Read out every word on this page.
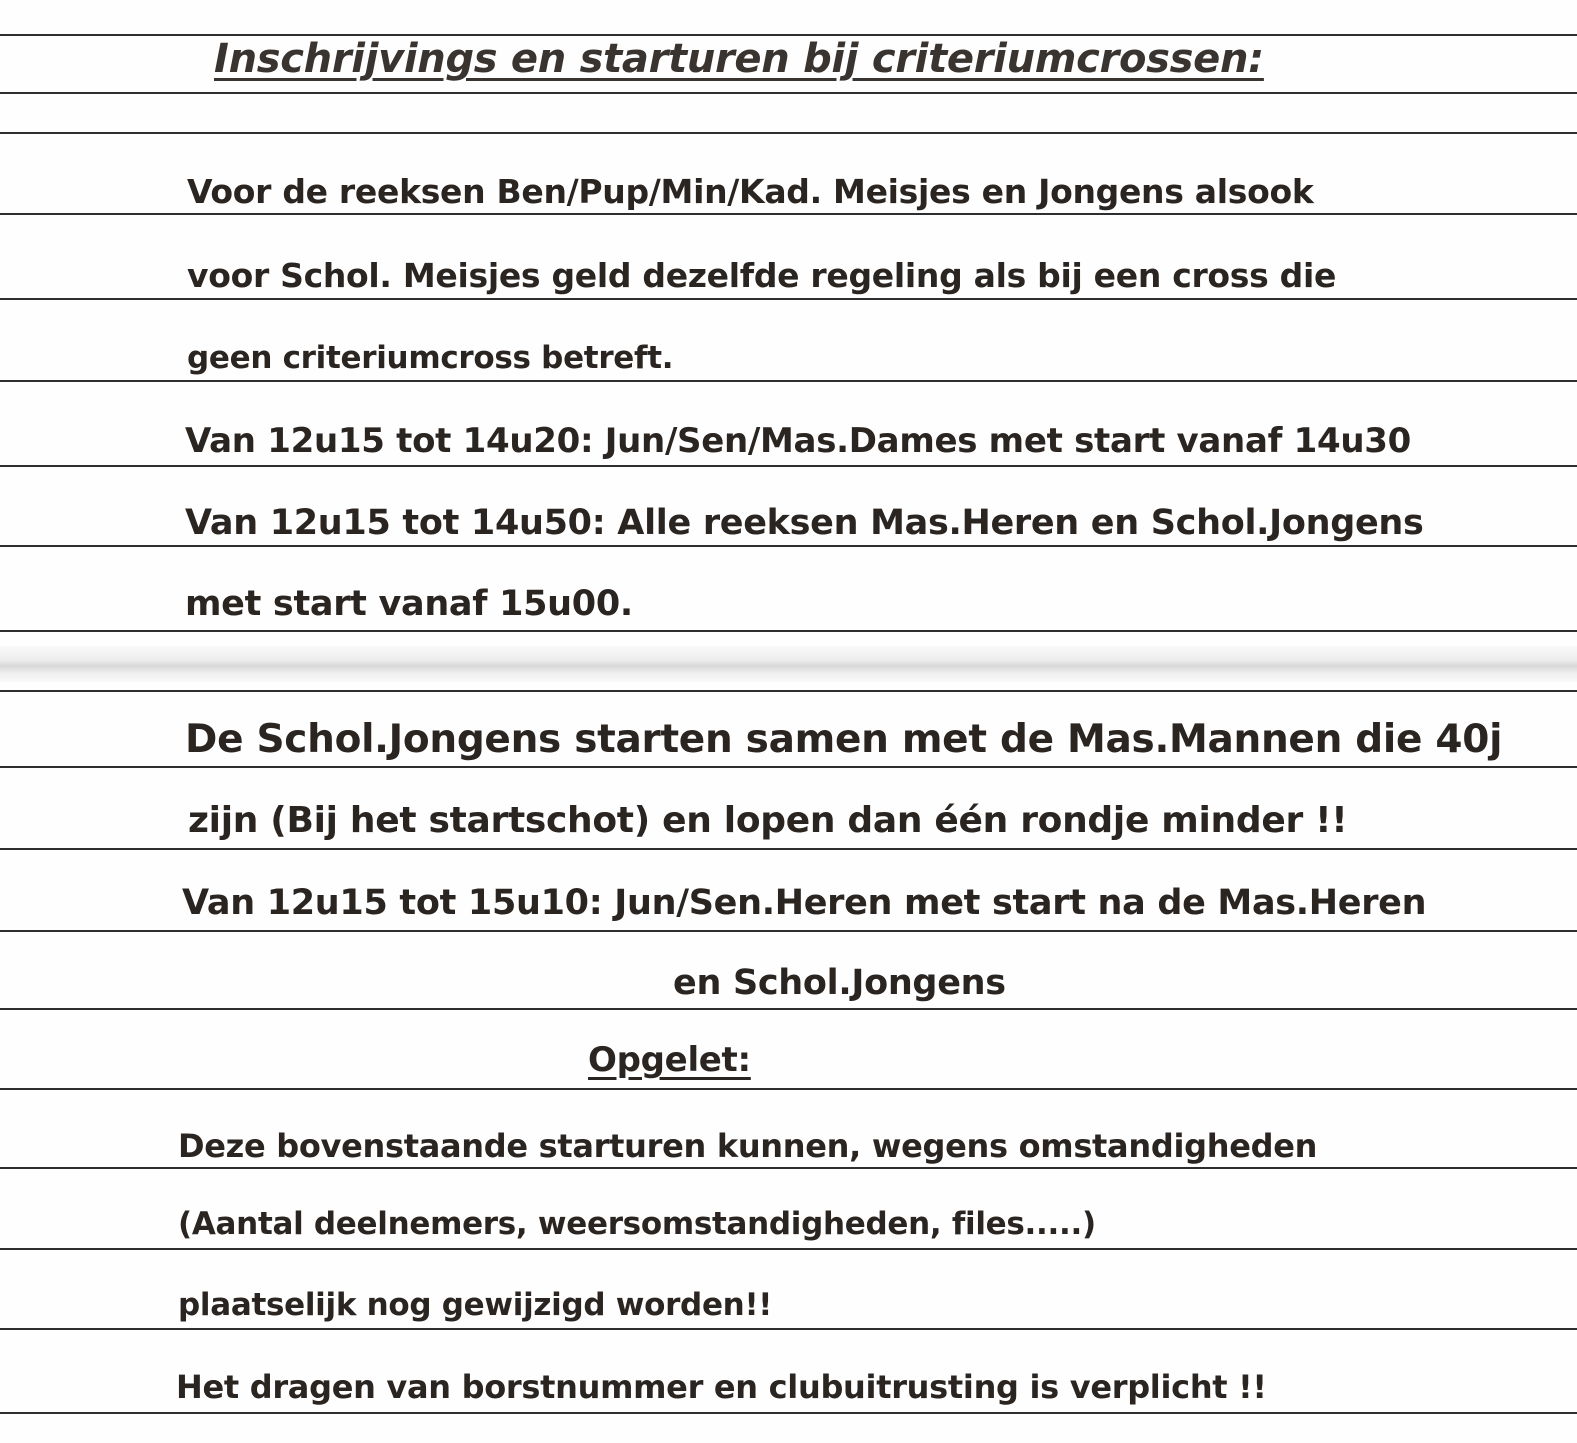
Inschrijvings en starturen bij criteriumcrossen:
Voor de reeksen Ben/Pup/Min/Kad. Meisjes en Jongens alsook
voor Schol. Meisjes geld dezelfde regeling als bij een cross die
geen criteriumcross betreft.
Van 12u15 tot 14u20: Jun/Sen/Mas.Dames met start vanaf 14u30
Van 12u15 tot 14u50: Alle reeksen Mas.Heren en Schol.Jongens
met start vanaf 15u00.
De Schol.Jongens starten samen met de Mas.Mannen die 40j
zijn (Bij het startschot) en lopen dan één rondje minder !!
Van 12u15 tot 15u10: Jun/Sen.Heren met start na de Mas.Heren
en Schol.Jongens
Opgelet:
Deze bovenstaande starturen kunnen, wegens omstandigheden
(Aantal deelnemers, weersomstandigheden, files.....)
plaatselijk nog gewijzigd worden!!
Het dragen van borstnummer en clubuitrusting is verplicht !!
